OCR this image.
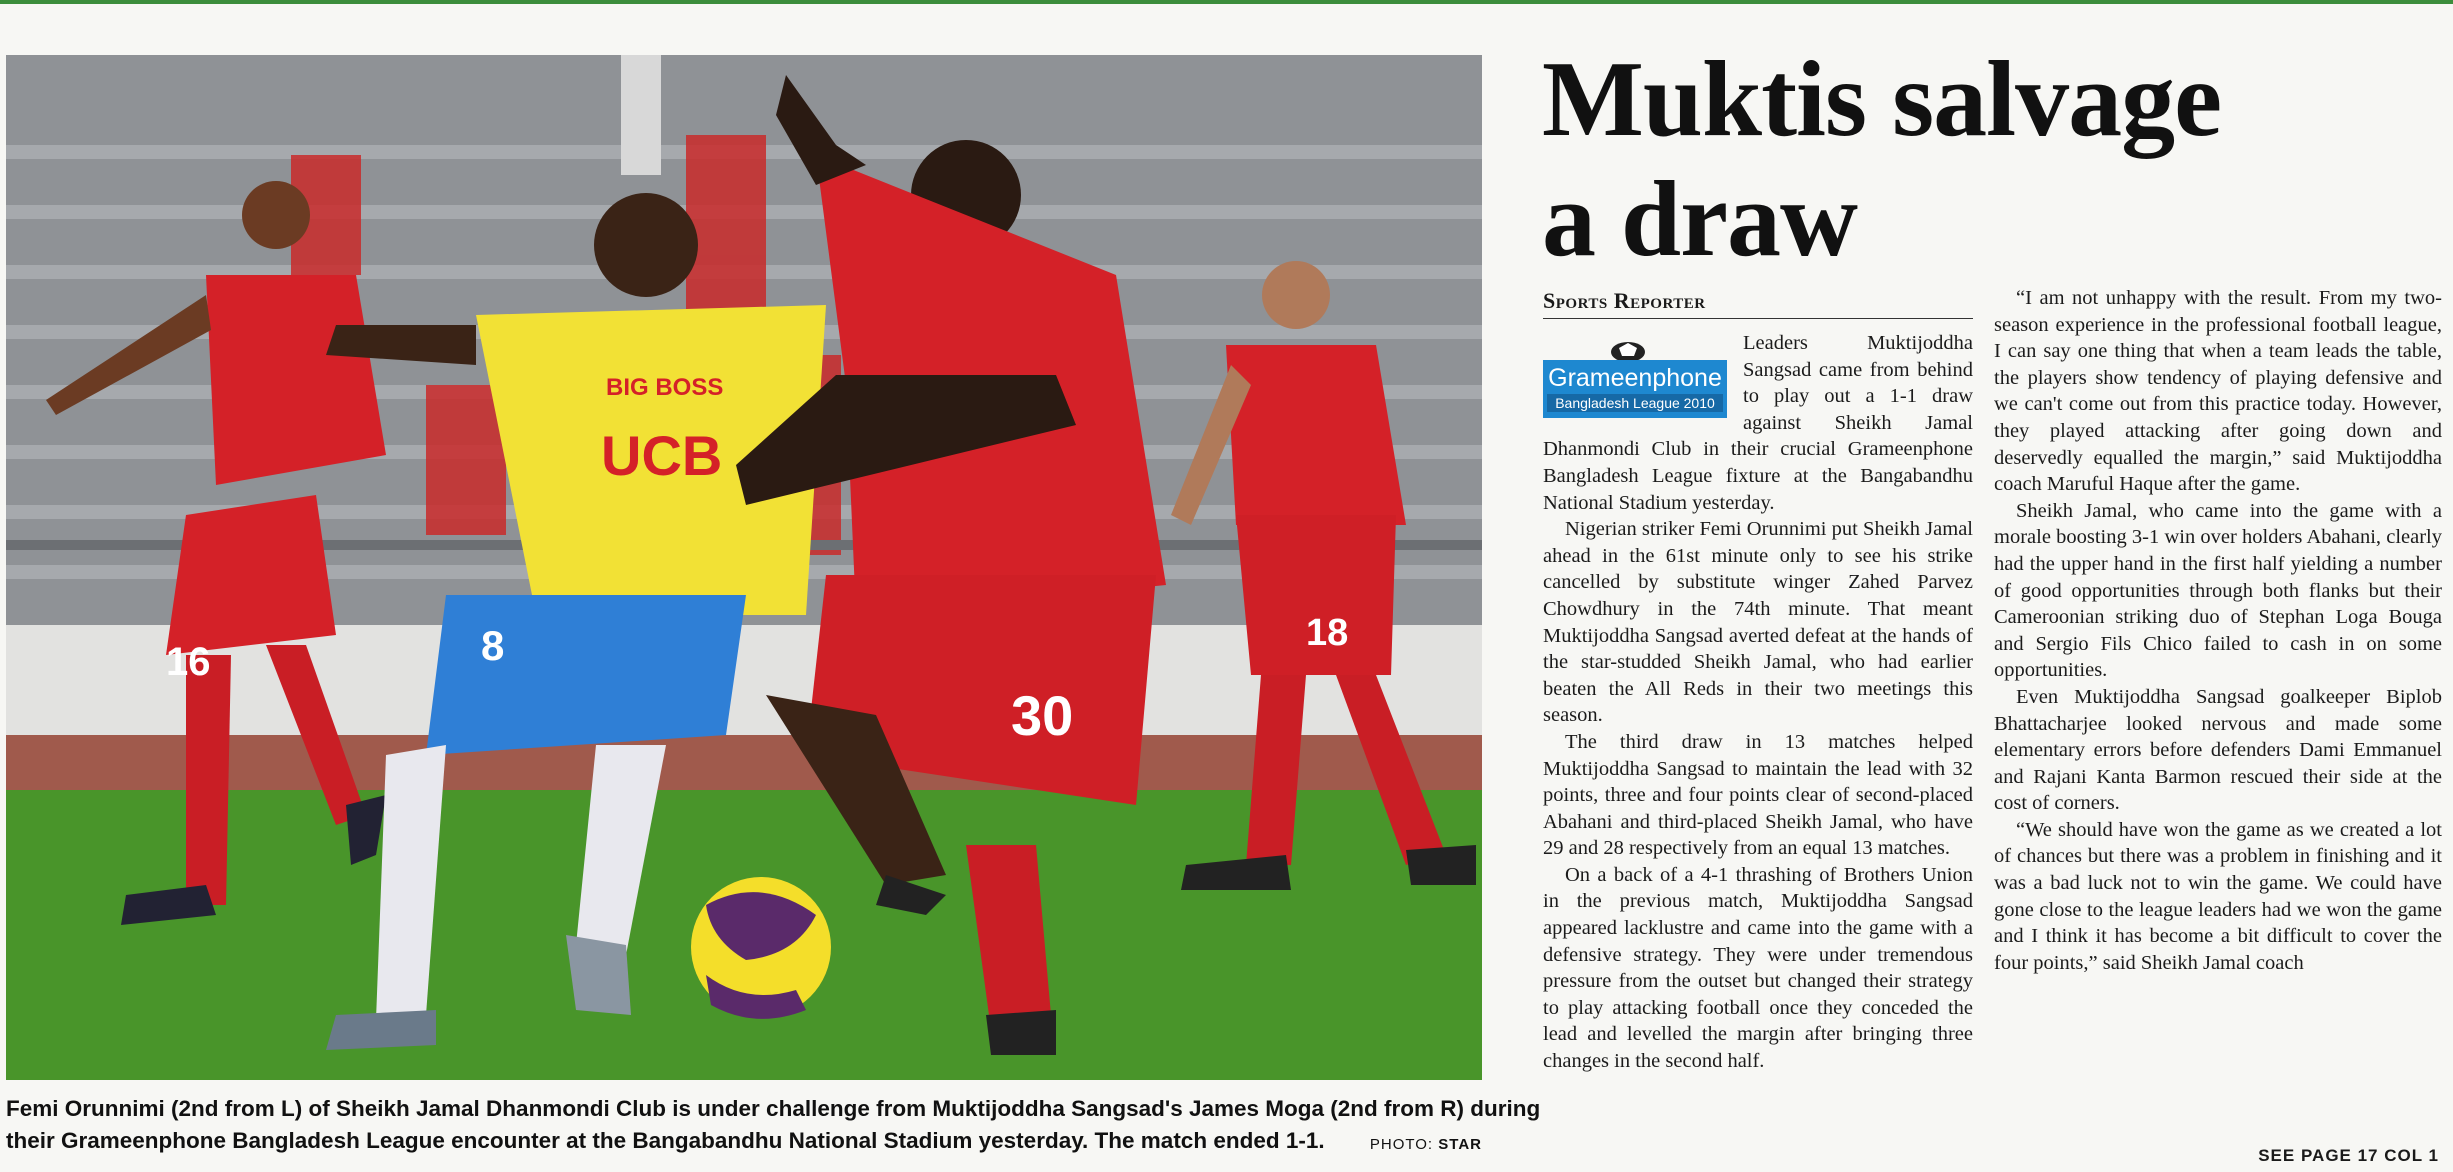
BIG BOSS
UCB
16	8
30
18
Femi Orunnimi (2nd from L) of Sheikh Jamal Dhanmondi Club is under challenge from Muktijoddha Sangsad's James Moga (2nd from R) during
their Grameenphone Bangladesh League encounter at the Bangabandhu National Stadium yesterday. The match ended 1-1.	PHOTO: STAR
Muktis salvage
a draw
Sports Reporter
Grameenphone
Bangladesh League 2010

Leaders Muktijoddha Sangsad came from behind to play out a 1-1 draw against Sheikh Jamal Dhanmondi Club in their crucial Grameenphone Bangladesh League fixture at the Bangabandhu National Stadium yesterday.

Nigerian striker Femi Orunnimi put Sheikh Jamal ahead in the 61st minute only to see his strike cancelled by substitute winger Zahed Parvez Chowdhury in the 74th minute. That meant Muktijoddha Sangsad averted defeat at the hands of the star-studded Sheikh Jamal, who had earlier beaten the All Reds in their two meetings this season.

The third draw in 13 matches helped Muktijoddha Sangsad to maintain the lead with 32 points, three and four points clear of second-placed Abahani and third-placed Sheikh Jamal, who have 29 and 28 respectively from an equal 13 matches.

On a back of a 4-1 thrashing of Brothers Union in the previous match, Muktijoddha Sangsad appeared lacklustre and came into the game with a defensive strategy. They were under tremendous pressure from the outset but changed their strategy to play attacking football once they conceded the lead and levelled the margin after bringing three changes in the second half.

“I am not unhappy with the result. From my two-season experience in the professional football league, I can say one thing that when a team leads the table, the players show tendency of playing defensive and we can't come out from this practice today. However, they played attacking after going down and deservedly equalled the margin,” said Muktijoddha coach Maruful Haque after the game.

Sheikh Jamal, who came into the game with a morale boosting 3-1 win over holders Abahani, clearly had the upper hand in the first half yielding a number of good opportunities through both flanks but their Cameroonian striking duo of Stephan Loga Bouga and Sergio Fils Chico failed to cash in on some opportunities.

Even Muktijoddha Sangsad goalkeeper Biplob Bhattacharjee looked nervous and made some elementary errors before defenders Dami Emmanuel and Rajani Kanta Barmon rescued their side at the cost of corners.

“We should have won the game as we created a lot of chances but there was a problem in finishing and it was a bad luck not to win the game. We could have gone close to the league leaders had we won the game and I think it has become a bit difficult to cover the four points,” said Sheikh Jamal coach

SEE PAGE 17 COL 1
